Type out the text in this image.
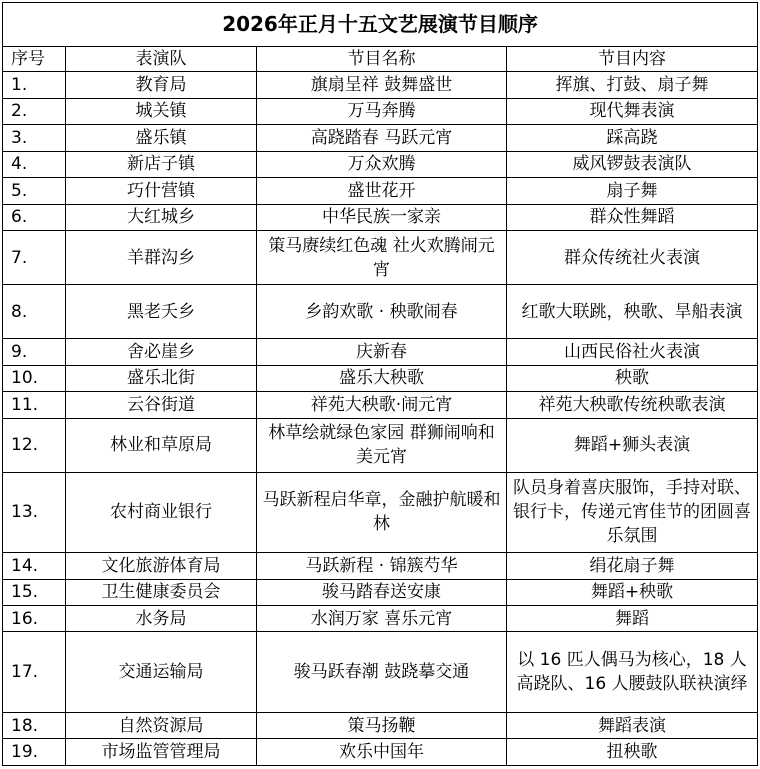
2026年正月十五文艺展演节目顺序			
序号	表演队	节目名称	节目内容
1.	教育局	旗扇呈祥 鼓舞盛世	挥旗、打鼓、扇子舞
2.	城关镇	万马奔腾	现代舞表演
3.	盛乐镇	高跷踏春 马跃元宵	踩高跷
4.	新店子镇	万众欢腾	威风锣鼓表演队
5.	巧什营镇	盛世花开	扇子舞
6.	大红城乡	中华民族一家亲	群众性舞蹈
7.	羊群沟乡	策马赓续红色魂 社火欢腾闹元宵	群众传统社火表演
8.	黑老夭乡	乡韵欢歌 · 秧歌闹春	红歌大联跳，秧歌、旱船表演
9.	舍必崖乡	庆新春	山西民俗社火表演
10.	盛乐北街	盛乐大秧歌	秧歌
11.	云谷街道	祥苑大秧歌·闹元宵	祥苑大秧歌传统秧歌表演
12.	林业和草原局	林草绘就绿色家园 群狮闹响和美元宵	舞蹈+狮头表演
13.	农村商业银行	马跃新程启华章，金融护航暖和林	队员身着喜庆服饰，手持对联、银行卡，传递元宵佳节的团圆喜乐氛围
14.	文化旅游体育局	马跃新程 · 锦簇芍华	绢花扇子舞
15.	卫生健康委员会	骏马踏春送安康	舞蹈+秧歌
16.	水务局	水润万家 喜乐元宵	舞蹈
17.	交通运输局	骏马跃春潮 鼓跷摹交通	以 16 匹人偶马为核心，18 人高跷队、16 人腰鼓队联袂演绎
18.	自然资源局	策马扬鞭	舞蹈表演
19.	市场监管管理局	欢乐中国年	扭秧歌
